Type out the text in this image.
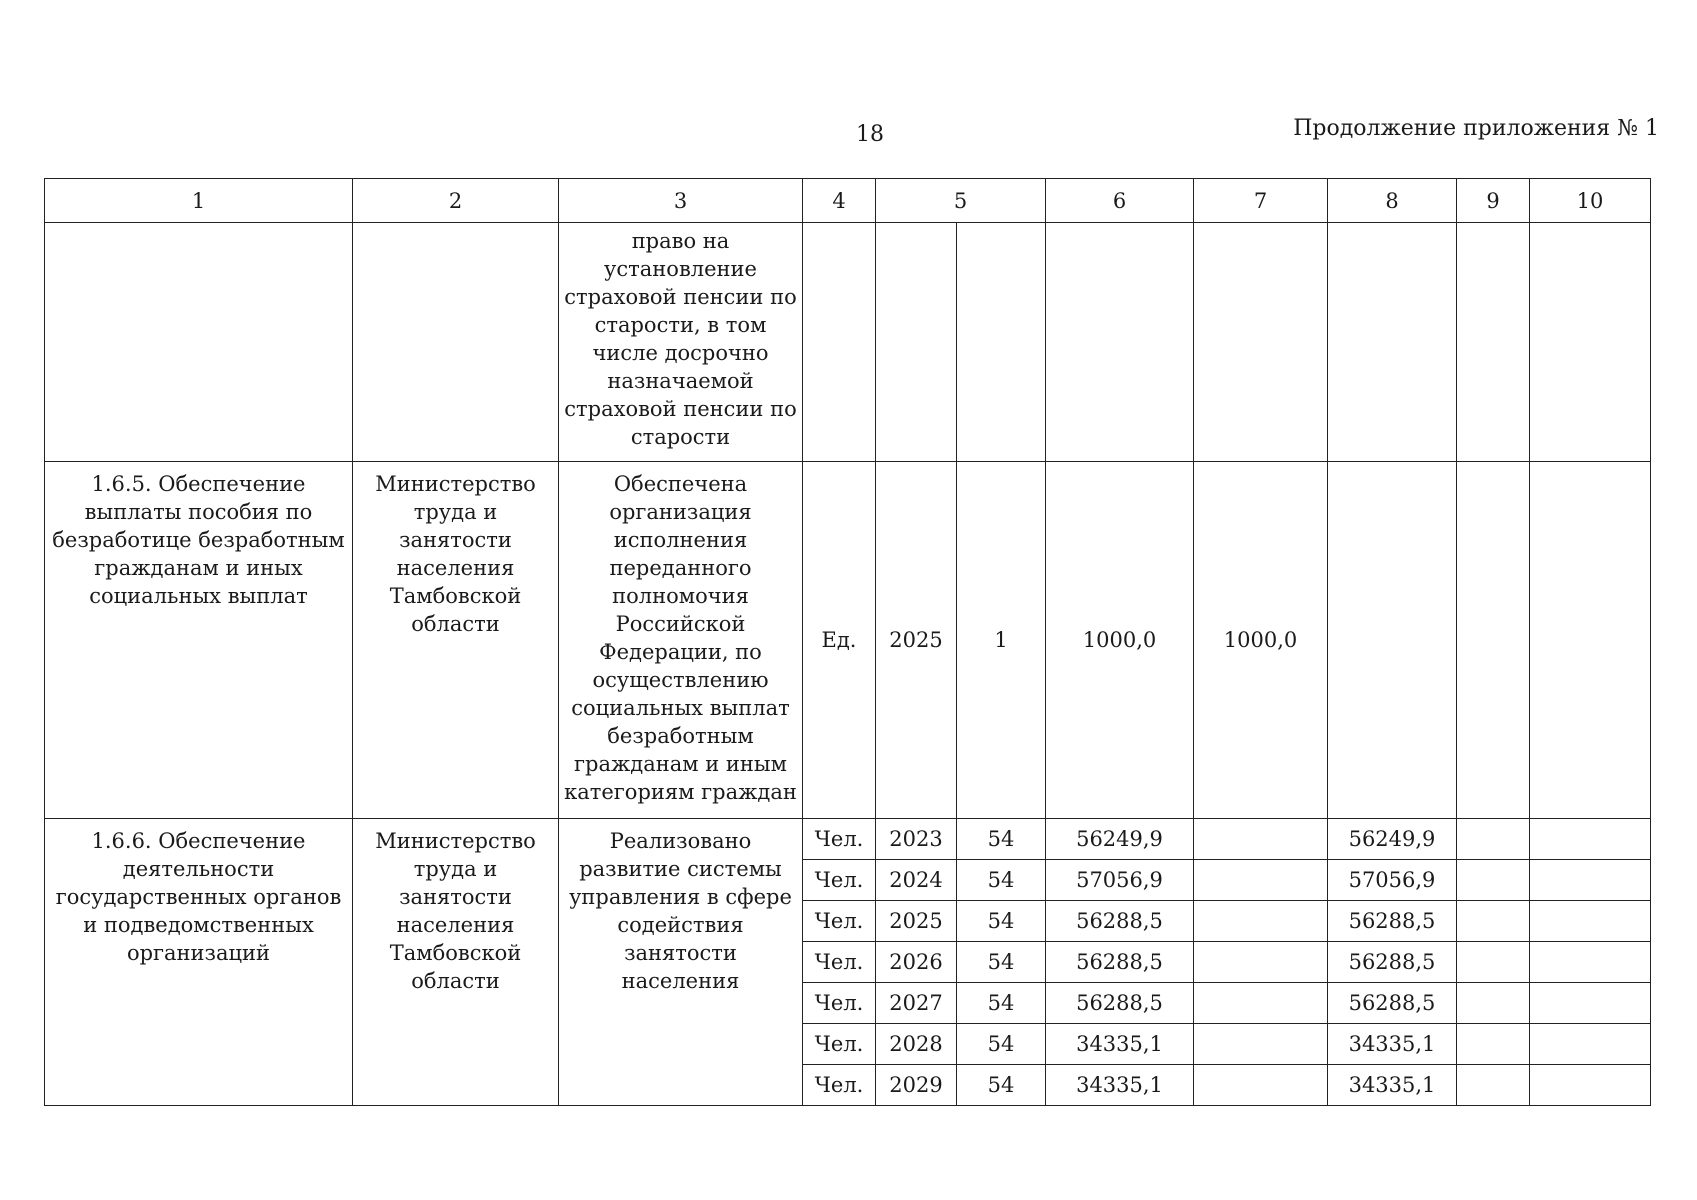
18	Продолжение приложения № 1
1	2	3	4	5		6	7	8	9	10
		право на установление страховой пенсии по старости, в том числе досрочно назначаемой страховой пенсии по старости								
1.6.5. Обеспечение выплаты пособия по безработице безработным гражданам и иных социальных выплат	Министерство труда и занятости населения Тамбовской области	Обеспечена организация исполнения переданного полномочия Российской Федерации, по осуществлению социальных выплат безработным гражданам и иным категориям граждан	Ед.	2025	1	1000,0	1000,0			
1.6.6. Обеспечение деятельности государственных органов и подведомственных организаций	Министерство труда и занятости населения Тамбовской области	Реализовано развитие системы управления в сфере содействия занятости населения	Чел.	2023	54	56249,9		56249,9		
			Чел.	2024	54	57056,9		57056,9		
			Чел.	2025	54	56288,5		56288,5		
			Чел.	2026	54	56288,5		56288,5		
			Чел.	2027	54	56288,5		56288,5		
			Чел.	2028	54	34335,1		34335,1		
			Чел.	2029	54	34335,1		34335,1		
